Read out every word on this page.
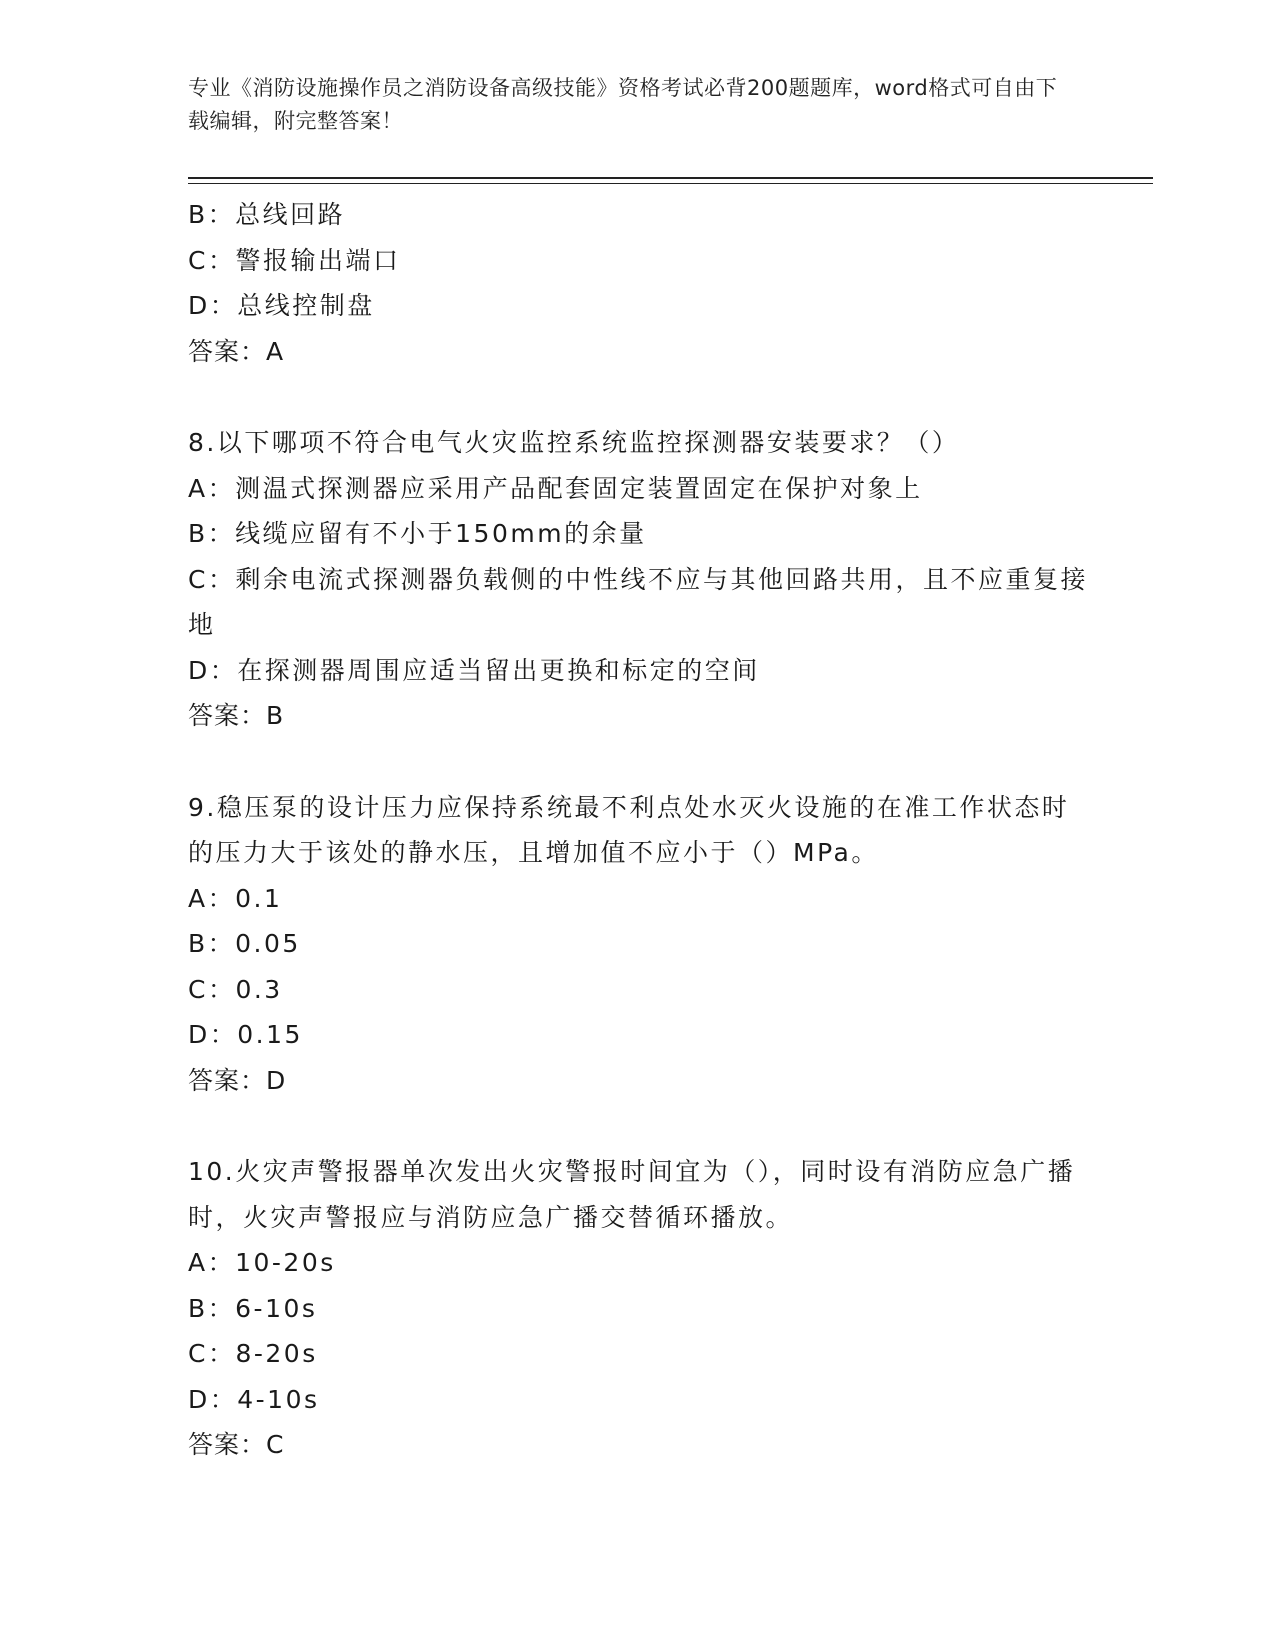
专业《消防设施操作员之消防设备高级技能》资格考试必背200题题库，word格式可自由下载编辑，附完整答案！

B：总线回路

C：警报输出端口

D：总线控制盘

答案：A

8.以下哪项不符合电气火灾监控系统监控探测器安装要求？（）

A：测温式探测器应采用产品配套固定装置固定在保护对象上

B：线缆应留有不小于150mm的余量

C：剩余电流式探测器负载侧的中性线不应与其他回路共用，且不应重复接地

D：在探测器周围应适当留出更换和标定的空间

答案：B

9.稳压泵的设计压力应保持系统最不利点处水灭火设施的在准工作状态时的压力大于该处的静水压，且增加值不应小于（）MPa。

A：0.1

B：0.05

C：0.3

D：0.15

答案：D

10.火灾声警报器单次发出火灾警报时间宜为（），同时设有消防应急广播时，火灾声警报应与消防应急广播交替循环播放。

A：10-20s

B：6-10s

C：8-20s

D：4-10s

答案：C
